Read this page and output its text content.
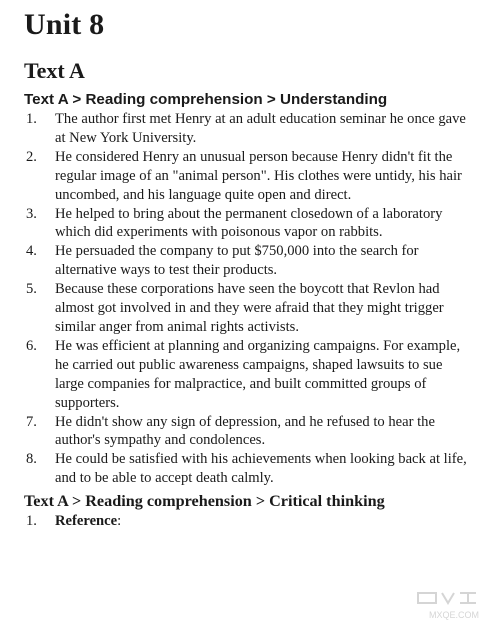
Unit 8
Text A
Text A > Reading comprehension > Understanding
1. The author first met Henry at an adult education seminar he once gave at New York University.
2. He considered Henry an unusual person because Henry didn't fit the regular image of an "animal person". His clothes were untidy, his hair uncombed, and his language quite open and direct.
3. He helped to bring about the permanent closedown of a laboratory which did experiments with poisonous vapor on rabbits.
4. He persuaded the company to put $750,000 into the search for alternative ways to test their products.
5. Because these corporations have seen the boycott that Revlon had almost got involved in and they were afraid that they might trigger similar anger from animal rights activists.
6. He was efficient at planning and organizing campaigns. For example, he carried out public awareness campaigns, shaped lawsuits to sue large companies for malpractice, and built committed groups of supporters.
7. He didn't show any sign of depression, and he refused to hear the author's sympathy and condolences.
8. He could be satisfied with his achievements when looking back at life, and to be able to accept death calmly.
Text A > Reading comprehension > Critical thinking
1. Reference:
MXQE.COM
